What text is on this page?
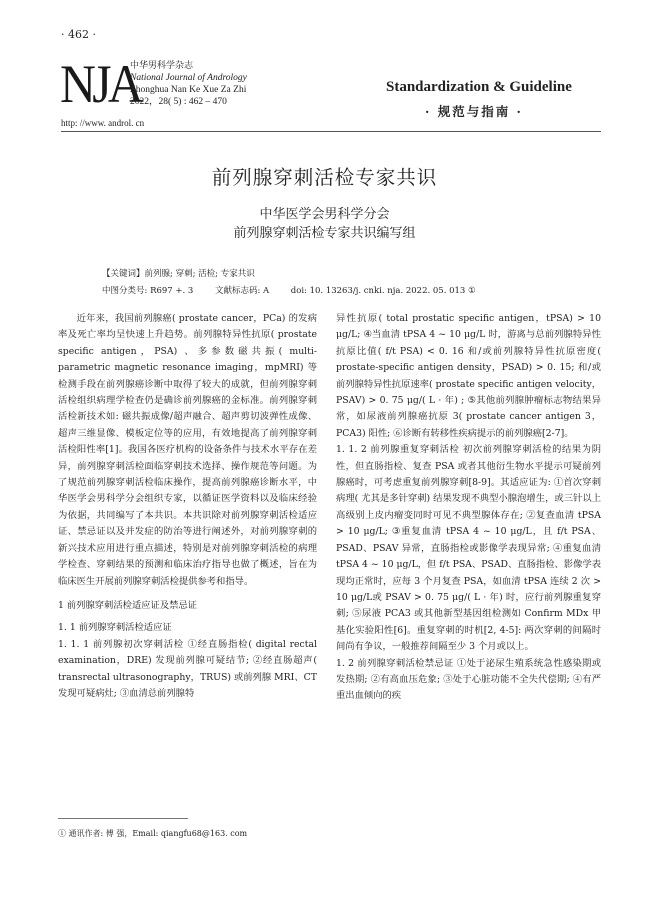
· 462 ·
NJA
中华男科学杂志
National Journal of Andrology
Zhonghua Nan Ke Xue Za Zhi
2022，28( 5) : 462 – 470
http: //www. androl. cn
Standardization & Guideline
· 规范与指南 ·
前列腺穿刺活检专家共识
中华医学会男科学分会
前列腺穿刺活检专家共识编写组
【关键词】前列腺; 穿刺; 活检; 专家共识
中图分类号: R697 +. 3        文献标志码: A        doi: 10. 13263/j. cnki. nja. 2022. 05. 013 ①

近年来，我国前列腺癌( prostate cancer，PCa) 的发病率及死亡率均呈快速上升趋势。前列腺特异性抗原( prostate specific antigen，PSA) 、多参数磁共振( multi-parametric magnetic resonance imaging，mpMRI) 等检测手段在前列腺癌诊断中取得了较大的成就，但前列腺穿刺活检组织病理学检查仍是确诊前列腺癌的金标准。前列腺穿刺活检新技术如: 磁共振成像/超声融合、超声剪切波弹性成像、超声三维显像、模板定位等的应用，有效地提高了前列腺穿刺活检阳性率[1]。我国各医疗机构的设备条件与技术水平存在差异，前列腺穿刺活检面临穿刺技术选择、操作规范等问题。为了规范前列腺穿刺活检临床操作，提高前列腺癌诊断水平，中华医学会男科学分会组织专家，以循证医学资料以及临床经验为依据，共同编写了本共识。本共识除对前列腺穿刺活检适应证、禁忌证以及并发症的防治等进行阐述外，对前列腺穿刺的新兴技术应用进行重点描述，特别是对前列腺穿刺活检的病理学检查、穿刺结果的预测和临床治疗指导也做了概述，旨在为临床医生开展前列腺穿刺活检提供参考和指导。

1 前列腺穿刺活检适应证及禁忌证

1. 1 前列腺穿刺活检适应证

1. 1. 1 前列腺初次穿刺活检 ①经直肠指检( digital rectal examination，DRE) 发现前列腺可疑结节; ②经直肠超声( transrectal ultrasonography，TRUS) 或前列腺 MRI、CT 发现可疑病灶; ③血清总前列腺特

异性抗原( total prostatic specific antigen，tPSA) > 10 μg/L; ④当血清 tPSA 4 ~ 10 μg/L 时，游离与总前列腺特异性抗原比值( f/t PSA) < 0. 16 和/或前列腺特异性抗原密度( prostate-specific antigen density，PSAD) > 0. 15; 和/或前列腺特异性抗原速率( prostate specific antigen velocity，PSAV) > 0. 75 μg/( L · 年) ; ⑤其他前列腺肿瘤标志物结果异常，如尿液前列腺癌抗原 3( prostate cancer antigen 3，PCA3) 阳性; ⑥诊断有转移性疾病提示的前列腺癌[2-7]。

1. 1. 2 前列腺重复穿刺活检 初次前列腺穿刺活检的结果为阴性，但直肠指检、复查 PSA 或者其他衍生物水平提示可疑前列腺癌时，可考虑重复前列腺穿刺[8-9]。其适应证为: ①首次穿刺病理( 尤其是多针穿刺) 结果发现不典型小腺泡增生，或三针以上高级别上皮内瘤变同时可见不典型腺体存在; ②复查血清 tPSA > 10 μg/L; ③重复血清 tPSA 4 ~ 10 μg/L，且 f/t PSA、PSAD、PSAV 异常，直肠指检或影像学表现异常; ④重复血清 tPSA 4 ~ 10 μg/L，但 f/t PSA、PSAD、直肠指检、影像学表现均正常时，应每 3 个月复查 PSA，如血清 tPSA 连续 2 次 > 10 μg/L或 PSAV > 0. 75 μg/( L · 年) 时，应行前列腺重复穿刺; ⑤尿液 PCA3 或其他新型基因组检测如 Confirm MDx 甲基化实验阳性[6]。重复穿刺的时机[2, 4-5]: 两次穿刺的间隔时间尚有争议，一般推荐间隔至少 3 个月或以上。

1. 2 前列腺穿刺活检禁忌证 ①处于泌尿生殖系统急性感染期或发热期; ②有高血压危象; ③处于心脏功能不全失代偿期; ④有严重出血倾向的疾

① 通讯作者: 傅 强，Email: qiangfu68@163. com
